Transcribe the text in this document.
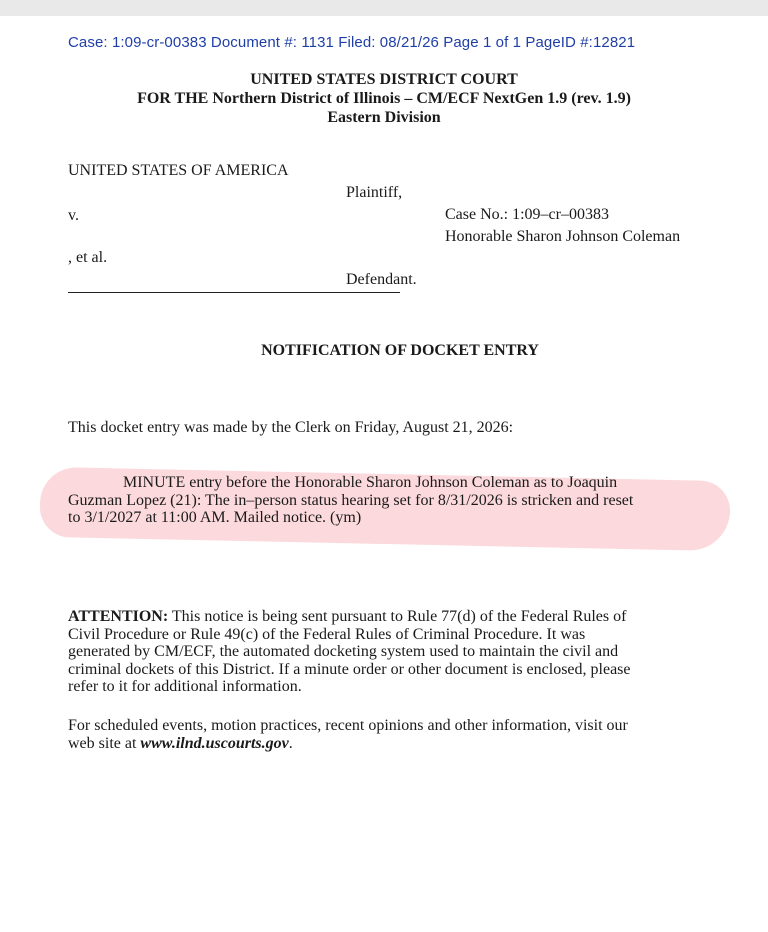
Case: 1:09-cr-00383 Document #: 1131 Filed: 08/21/26 Page 1 of 1 PageID #:12821
UNITED STATES DISTRICT COURT
FOR THE Northern District of Illinois – CM/ECF NextGen 1.9 (rev. 1.9)
Eastern Division
UNITED STATES OF AMERICA
Plaintiff,
v.	Case No.: 1:09–cr–00383
Honorable Sharon Johnson Coleman
, et al.
Defendant.
NOTIFICATION OF DOCKET ENTRY
This docket entry was made by the Clerk on Friday, August 21, 2026:
MINUTE entry before the Honorable Sharon Johnson Coleman as to Joaquin
Guzman Lopez (21): The in–person status hearing set for 8/31/2026 is stricken and reset
to 3/1/2027 at 11:00 AM. Mailed notice. (ym)
ATTENTION: This notice is being sent pursuant to Rule 77(d) of the Federal Rules of
Civil Procedure or Rule 49(c) of the Federal Rules of Criminal Procedure. It was
generated by CM/ECF, the automated docketing system used to maintain the civil and
criminal dockets of this District. If a minute order or other document is enclosed, please
refer to it for additional information.
For scheduled events, motion practices, recent opinions and other information, visit our
web site at www.ilnd.uscourts.gov.
